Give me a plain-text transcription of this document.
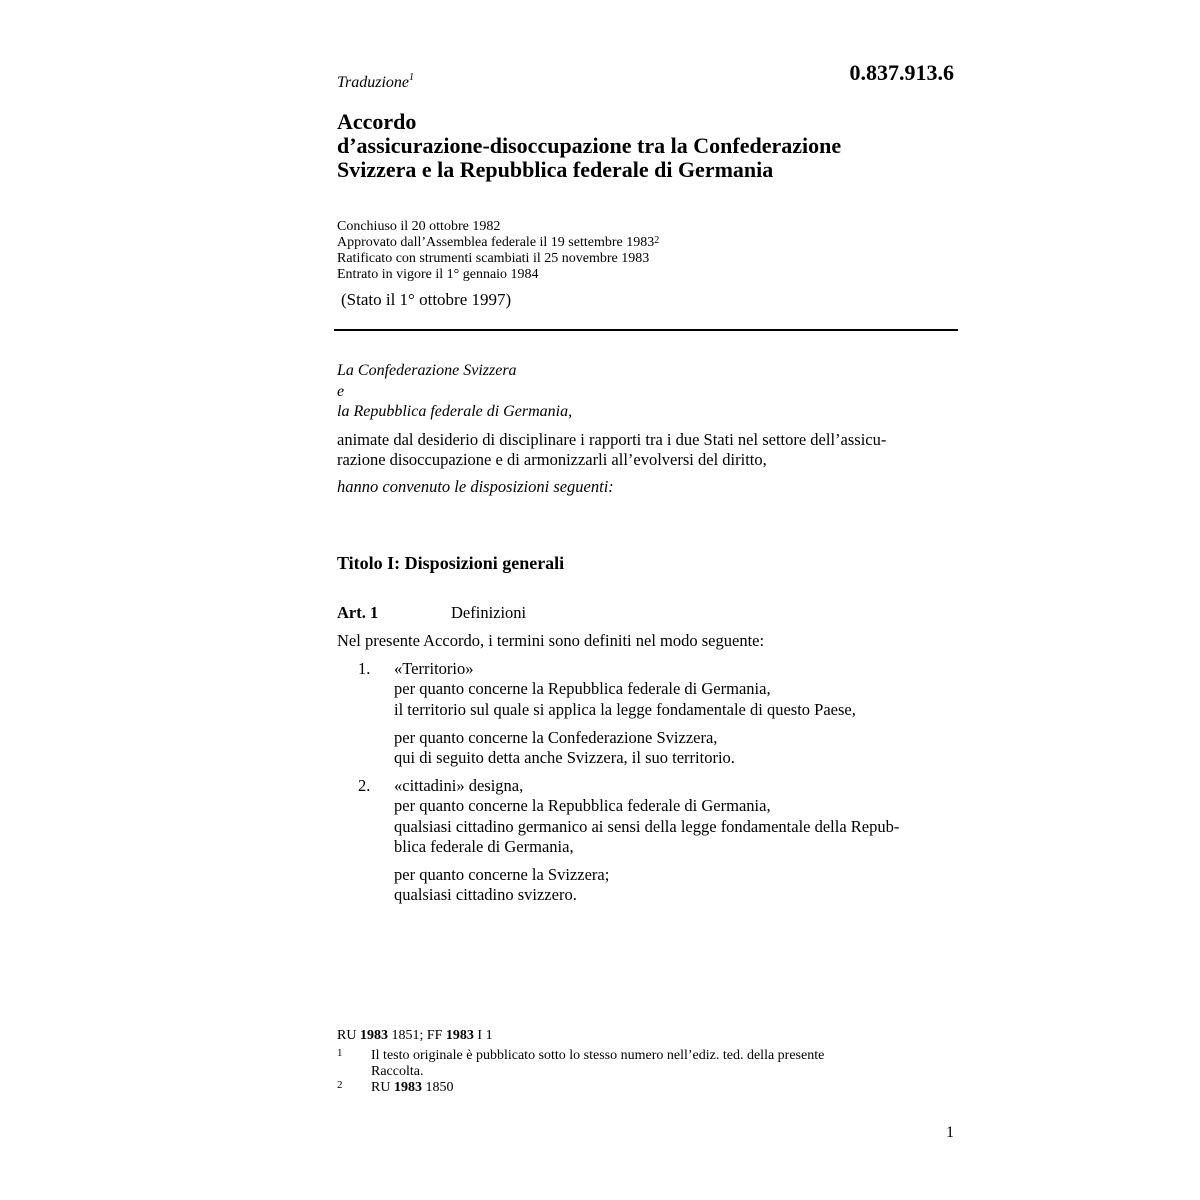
0.837.913.6
Traduzione$^1$
Accordo
d’assicurazione-disoccupazione tra la Confederazione
Svizzera e la Repubblica federale di Germania
Conchiuso il 20 ottobre 1982
Approvato dall’Assemblea federale il 19 settembre 1983$^2$
Ratificato con strumenti scambiati il 25 novembre 1983
Entrato in vigore il 1° gennaio 1984
(Stato il 1° ottobre 1997)
La Confederazione Svizzera
e
la Repubblica federale di Germania,
animate dal desiderio di disciplinare i rapporti tra i due Stati nel settore dell’assicu-
razione disoccupazione e di armonizzarli all’evolversi del diritto,
hanno convenuto le disposizioni seguenti:
Titolo I: Disposizioni generali
Art. 1	Definizioni
Nel presente Accordo, i termini sono definiti nel modo seguente:
1. «Territorio»
per quanto concerne la Repubblica federale di Germania,
il territorio sul quale si applica la legge fondamentale di questo Paese,
per quanto concerne la Confederazione Svizzera,
qui di seguito detta anche Svizzera, il suo territorio.
2. «cittadini» designa,
per quanto concerne la Repubblica federale di Germania,
qualsiasi cittadino germanico ai sensi della legge fondamentale della Repub-
blica federale di Germania,
per quanto concerne la Svizzera;
qualsiasi cittadino svizzero.
RU 1983 1851; FF 1983 I 1
1 Il testo originale è pubblicato sotto lo stesso numero nell’ediz. ted. della presente
Raccolta.
2 RU 1983 1850
1
